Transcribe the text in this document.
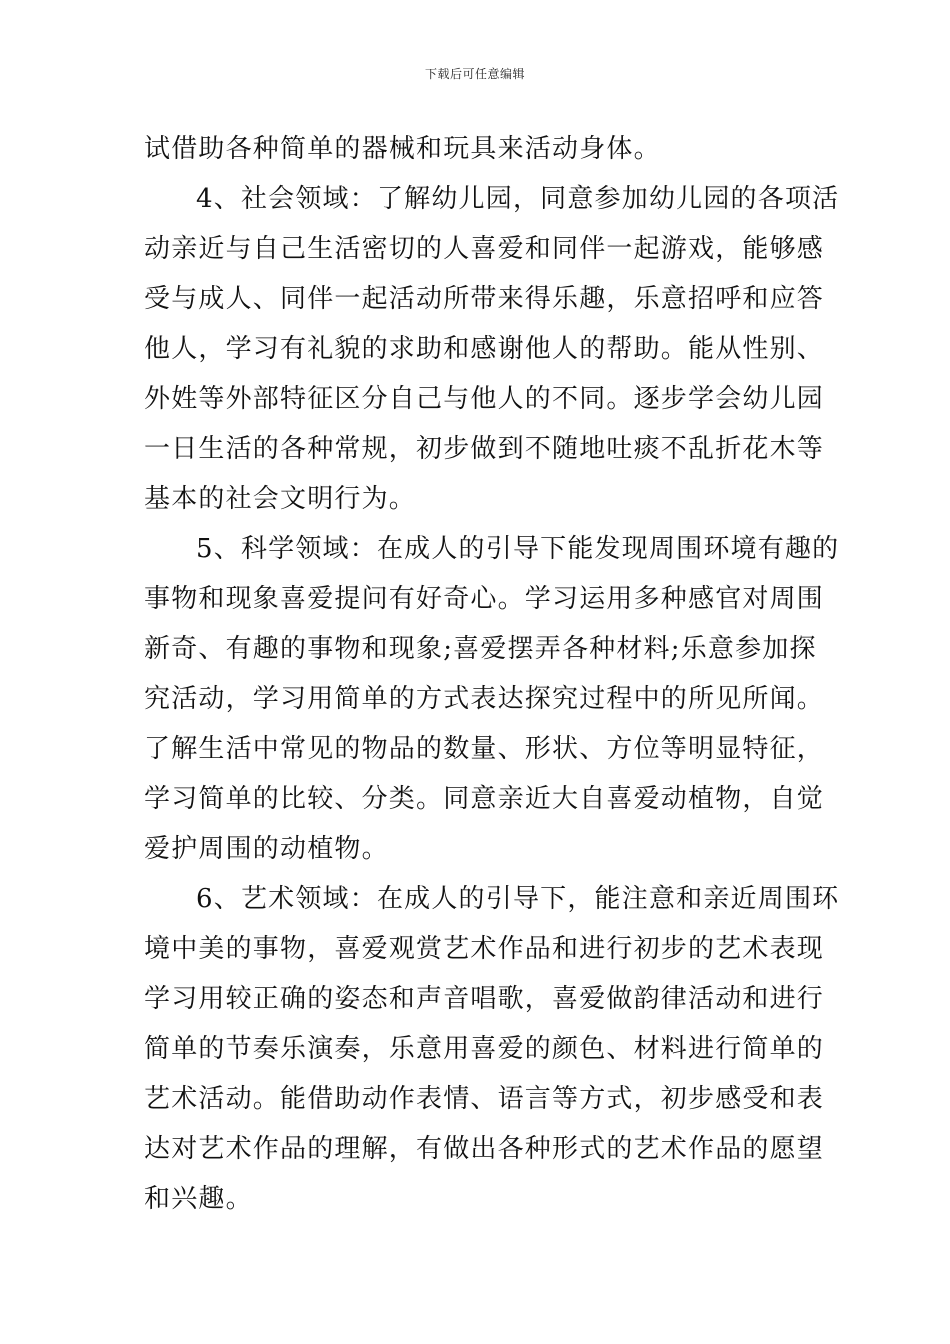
下载后可任意编辑
试借助各种简单的器械和玩具来活动身体。
4、社会领域：了解幼儿园，同意参加幼儿园的各项活
动亲近与自己生活密切的人喜爱和同伴一起游戏，能够感
受与成人、同伴一起活动所带来得乐趣，乐意招呼和应答
他人，学习有礼貌的求助和感谢他人的帮助。能从性别、
外姓等外部特征区分自己与他人的不同。逐步学会幼儿园
一日生活的各种常规，初步做到不随地吐痰不乱折花木等
基本的社会文明行为。
5、科学领域：在成人的引导下能发现周围环境有趣的
事物和现象喜爱提问有好奇心。学习运用多种感官对周围
新奇、有趣的事物和现象;喜爱摆弄各种材料;乐意参加探
究活动，学习用简单的方式表达探究过程中的所见所闻。
了解生活中常见的物品的数量、形状、方位等明显特征，
学习简单的比较、分类。同意亲近大自喜爱动植物，自觉
爱护周围的动植物。
6、艺术领域：在成人的引导下，能注意和亲近周围环
境中美的事物，喜爱观赏艺术作品和进行初步的艺术表现
学习用较正确的姿态和声音唱歌，喜爱做韵律活动和进行
简单的节奏乐演奏，乐意用喜爱的颜色、材料进行简单的
艺术活动。能借助动作表情、语言等方式，初步感受和表
达对艺术作品的理解，有做出各种形式的艺术作品的愿望
和兴趣。
